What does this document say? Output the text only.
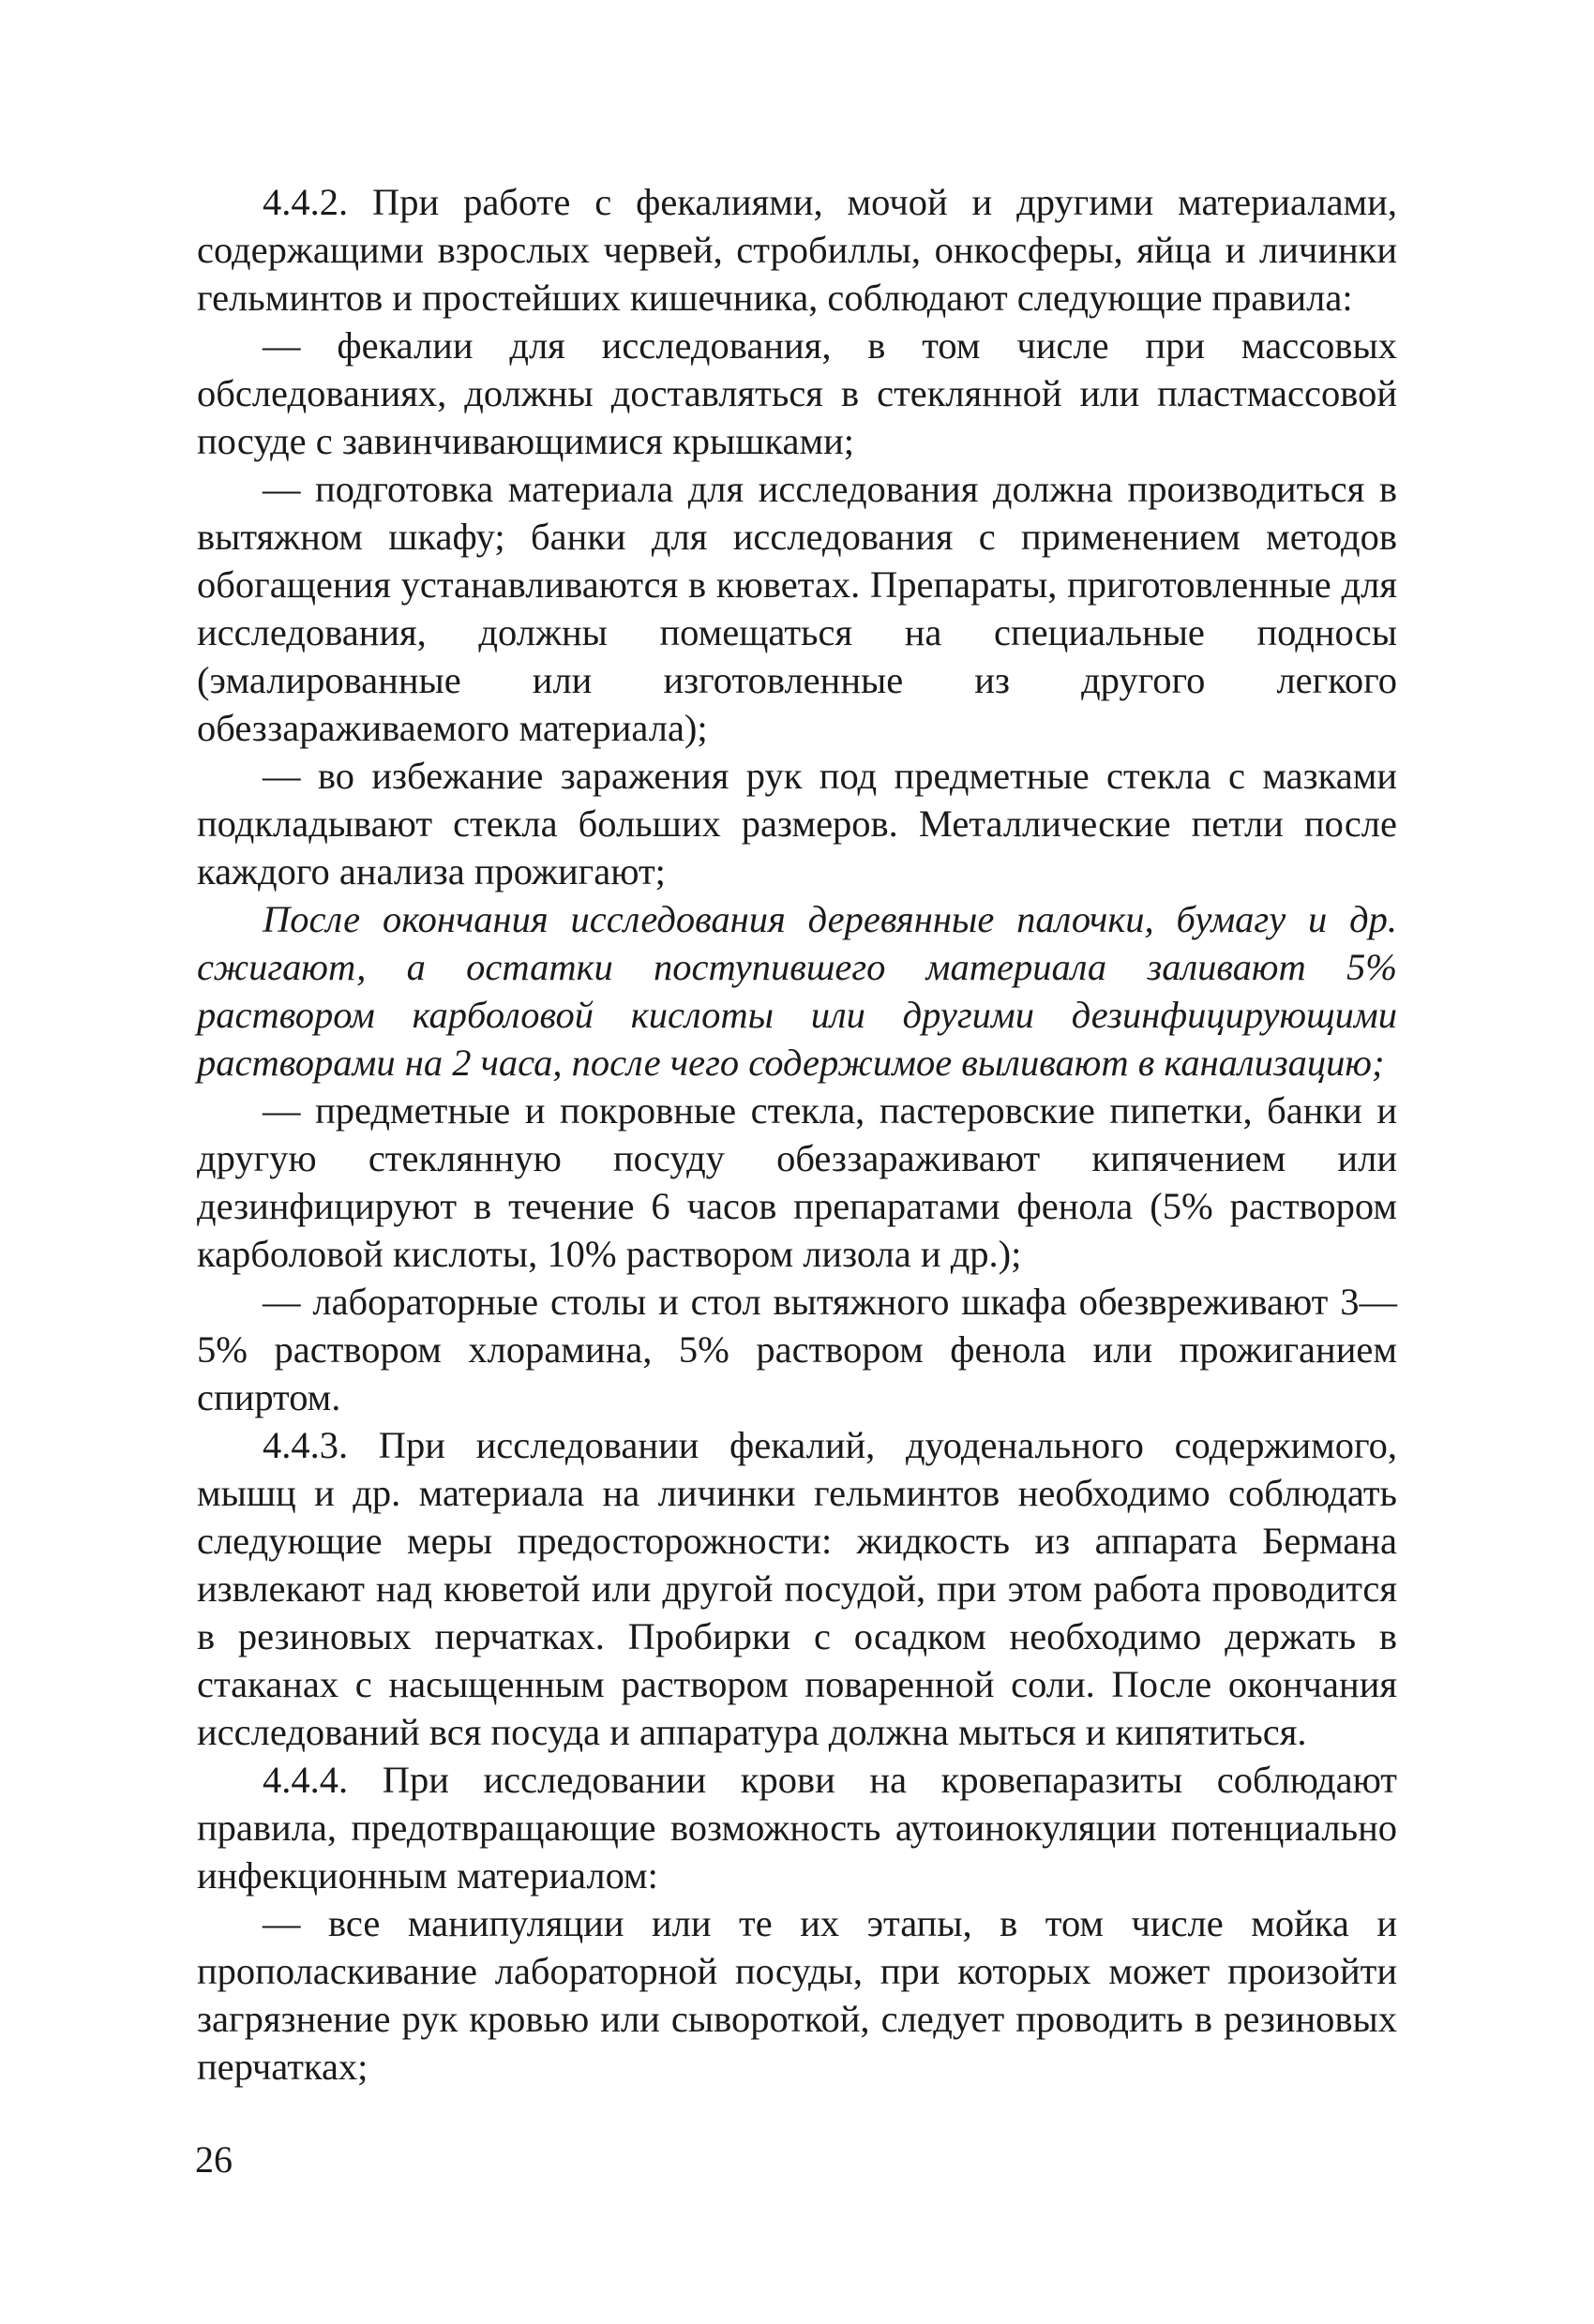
4.4.2. При работе с фекалиями, мочой и другими материалами, содержащими взрослых червей, стробиллы, онкосферы, яйца и личинки гельминтов и простейших кишечника, соблюдают следующие правила:

— фекалии для исследования, в том числе при массовых обследованиях, должны доставляться в стеклянной или пластмассовой посуде с завинчивающимися крышками;

— подготовка материала для исследования должна производиться в вытяжном шкафу; банки для исследования с применением методов обогащения устанавливаются в кюветах. Препараты, приготовленные для исследования, должны помещаться на специальные подносы (эмалированные или изготовленные из другого легкого обеззараживаемого материала);

— во избежание заражения рук под предметные стекла с мазками подкладывают стекла больших размеров. Металлические петли после каждого анализа прожигают;

После окончания исследования деревянные палочки, бумагу и др. сжигают, а остатки поступившего материала заливают 5% раствором карболовой кислоты или другими дезинфицирующими растворами на 2 часа, после чего содержимое выливают в канализацию;

— предметные и покровные стекла, пастеровские пипетки, банки и другую стеклянную посуду обеззараживают кипячением или дезинфицируют в течение 6 часов препаратами фенола (5% раствором карболовой кислоты, 10% раствором лизола и др.);

— лабораторные столы и стол вытяжного шкафа обезвреживают 3—5% раствором хлорамина, 5% раствором фенола или прожиганием спиртом.

4.4.3. При исследовании фекалий, дуоденального содержимого, мышц и др. материала на личинки гельминтов необходимо соблюдать следующие меры предосторожности: жидкость из аппарата Бермана извлекают над кюветой или другой посудой, при этом работа проводится в резиновых перчатках. Пробирки с осадком необходимо держать в стаканах с насыщенным раствором поваренной соли. После окончания исследований вся посуда и аппаратура должна мыться и кипятиться.

4.4.4. При исследовании крови на кровепаразиты соблюдают правила, предотвращающие возможность аутоинокуляции потенциально инфекционным материалом:

— все манипуляции или те их этапы, в том числе мойка и прополаскивание лабораторной посуды, при которых может произойти загрязнение рук кровью или сывороткой, следует проводить в резиновых перчатках;

26
